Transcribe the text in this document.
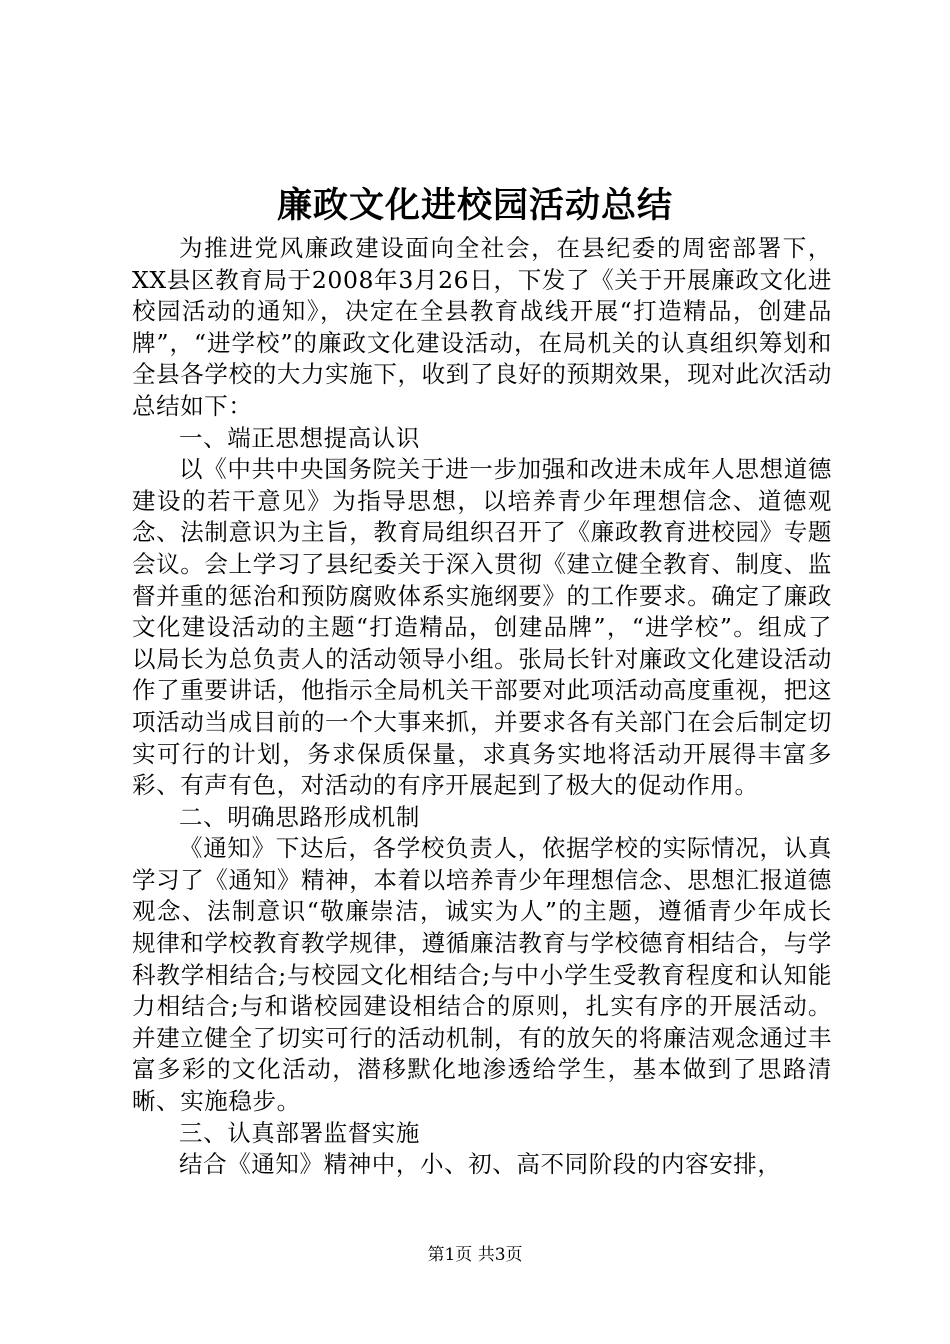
廉政文化进校园活动总结

为推进党风廉政建设面向全社会，在县纪委的周密部署下，XX县区教育局于2008年3月26日，下发了《关于开展廉政文化进校园活动的通知》，决定在全县教育战线开展“打造精品，创建品牌”，“进学校”的廉政文化建设活动，在局机关的认真组织筹划和全县各学校的大力实施下，收到了良好的预期效果，现对此次活动总结如下：

一、端正思想提高认识

以《中共中央国务院关于进一步加强和改进未成年人思想道德建设的若干意见》为指导思想，以培养青少年理想信念、道德观念、法制意识为主旨，教育局组织召开了《廉政教育进校园》专题会议。会上学习了县纪委关于深入贯彻《建立健全教育、制度、监督并重的惩治和预防腐败体系实施纲要》的工作要求。确定了廉政文化建设活动的主题“打造精品，创建品牌”，“进学校”。组成了以局长为总负责人的活动领导小组。张局长针对廉政文化建设活动作了重要讲话，他指示全局机关干部要对此项活动高度重视，把这项活动当成目前的一个大事来抓，并要求各有关部门在会后制定切实可行的计划，务求保质保量，求真务实地将活动开展得丰富多彩、有声有色，对活动的有序开展起到了极大的促动作用。

二、明确思路形成机制

《通知》下达后，各学校负责人，依据学校的实际情况，认真学习了《通知》精神，本着以培养青少年理想信念、思想汇报道德观念、法制意识“敬廉崇洁，诚实为人”的主题，遵循青少年成长规律和学校教育教学规律，遵循廉洁教育与学校德育相结合，与学科教学相结合;与校园文化相结合;与中小学生受教育程度和认知能力相结合;与和谐校园建设相结合的原则，扎实有序的开展活动。并建立健全了切实可行的活动机制，有的放矢的将廉洁观念通过丰富多彩的文化活动，潜移默化地渗透给学生，基本做到了思路清晰、实施稳步。

三、认真部署监督实施

结合《通知》精神中，小、初、高不同阶段的内容安排，

第1页 共3页
